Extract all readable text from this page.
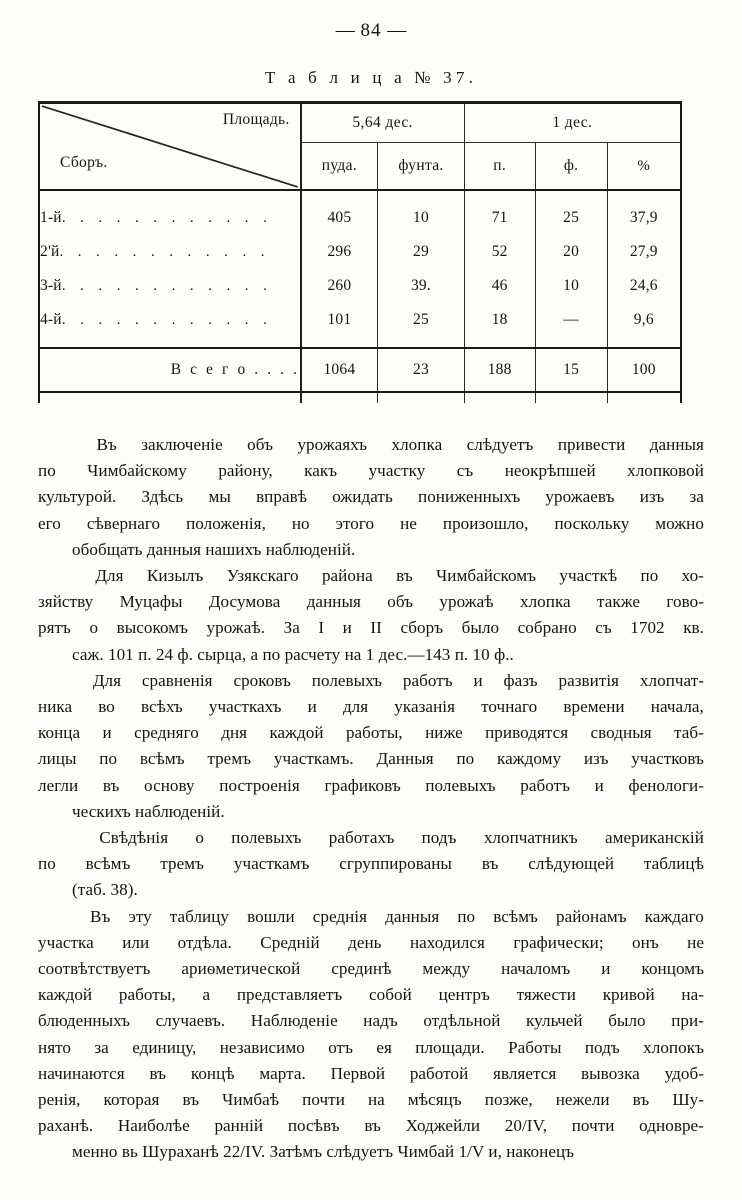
— 84 —
Т а б л и ц а № 37.
Площадь.
Сборъ.	5,64 дес.		1 дес.			
	пуда.	фунта.	п.	ф.	%	

1-й. . . . . . . . . . . .	405	10	71	25	37,9	
2'й. . . . . . . . . . . .	296	29	52	20	27,9	
3-й. . . . . . . . . . . .	260	39.	46	10	24,6	
4-й. . . . . . . . . . . .	101	25	18	—	9,6	

В с е г о . . . .	1064	23	188	15	100	

Въ заключеніе объ урожаяхъ хлопка слѣдуетъ привести данныя
по Чимбайскому району, какъ участку съ неокрѣпшей хлопковой
культурой. Здѣсь мы вправѣ ожидать пониженныхъ урожаевъ изъ за
его сѣвернаго положенія, но этого не произошло, поскольку можно
обобщать данныя нашихъ наблюденій.

Для Кизылъ Узякскаго района въ Чимбайскомъ участкѣ по хо-
зяйству Муцафы Досумова данныя объ урожаѣ хлопка также гово-
рятъ о высокомъ урожаѣ. За I и II сборъ было собрано съ 1702 кв.
саж. 101 п. 24 ф. сырца, а по расчету на 1 дес.—143 п. 10 ф..

Для сравненія сроковъ полевыхъ работъ и фазъ развитія хлопчат-
ника во всѣхъ участкахъ и для указанія точнаго времени начала,
конца и средняго дня каждой работы, ниже приводятся сводныя таб-
лицы по всѣмъ тремъ участкамъ. Данныя по каждому изъ участковъ
легли въ основу построенія графиковъ полевыхъ работъ и фенологи-
ческихъ наблюденій.

Свѣдѣнія о полевыхъ работахъ подъ хлопчатникъ американскій
по всѣмъ тремъ участкамъ сгруппированы въ слѣдующей таблицѣ
(таб. 38).

Въ эту таблицу вошли среднія данныя по всѣмъ районамъ каждаго
участка или отдѣла. Средній день находился графически; онъ не
соотвѣтствуетъ ариѳметической срединѣ между началомъ и концомъ
каждой работы, а представляетъ собой центръ тяжести кривой на-
блюденныхъ случаевъ. Наблюденіе надъ отдѣльной кульчей было при-
нято за единицу, независимо отъ ея площади. Работы подъ хлопокъ
начинаются въ концѣ марта. Первой работой является вывозка удоб-
ренія, которая въ Чимбаѣ почти на мѣсяцъ позже, нежели въ Шу-
раханѣ. Наиболѣе ранній посѣвъ въ Ходжейли 20/IV, почти одновре-
менно вь Шураханѣ 22/IV. Затѣмъ слѣдуетъ Чимбай 1/V и, наконецъ
